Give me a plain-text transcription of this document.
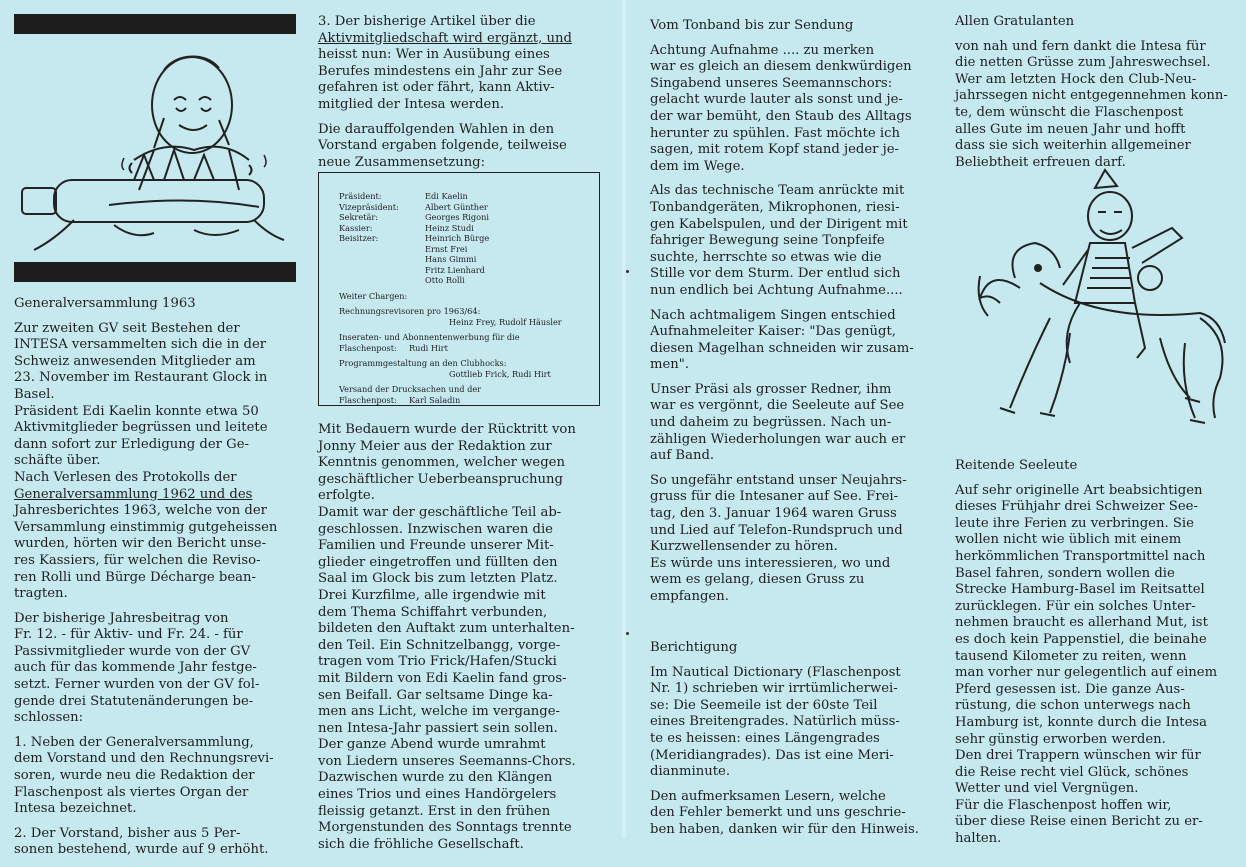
Generalversammlung 1963

Zur zweiten GV seit Bestehen der
INTESA versammelten sich die in der
Schweiz anwesenden Mitglieder am
23. November im Restaurant Glock in
Basel.
Präsident Edi Kaelin konnte etwa 50
Aktivmitglieder begrüssen und leitete
dann sofort zur Erledigung der Ge-
schäfte über.
Nach Verlesen des Protokolls der
Generalversammlung 1962 und des
Jahresberichtes 1963, welche von der
Versammlung einstimmig gutgeheissen
wurden, hörten wir den Bericht unse-
res Kassiers, für welchen die Reviso-
ren Rolli und Bürge Décharge bean-
tragten.

Der bisherige Jahresbeitrag von
Fr. 12. - für Aktiv- und Fr. 24. - für
Passivmitglieder wurde von der GV
auch für das kommende Jahr festge-
setzt. Ferner wurden von der GV fol-
gende drei Statutenänderungen be-
schlossen:

1. Neben der Generalversammlung,
dem Vorstand und den Rechnungsrevi-
soren, wurde neu die Redaktion der
Flaschenpost als viertes Organ der
Intesa bezeichnet.

2. Der Vorstand, bisher aus 5 Per-
sonen bestehend, wurde auf 9 erhöht.

3. Der bisherige Artikel über die
Aktivmitgliedschaft wird ergänzt, und
heisst nun: Wer in Ausübung eines
Berufes mindestens ein Jahr zur See
gefahren ist oder fährt, kann Aktiv-
mitglied der Intesa werden.

Die darauffolgenden Wahlen in den
Vorstand ergaben folgende, teilweise
neue Zusammensetzung:

Präsident:	Edi Kaelin
Vizepräsident:	Albert Günther
Sekretär:	Georges Rigoni
Kassier:	Heinz Studi
Beisitzer:	Heinrich Bürge
Ernst Frei
Hans Gimmi
Fritz Lienhard
Otto Rolli
Weiter Chargen:
Rechnungsrevisoren pro 1963/64:
Heinz Frey, Rudolf Häusler
Inseraten- und Abonnentenwerbung für die
Flaschenpost: Rudi Hirt
Programmgestaltung an den Clubhocks:
Gottlieb Frick, Rudi Hirt
Versand der Drucksachen und der
Flaschenpost: Karl Saladin

Mit Bedauern wurde der Rücktritt von
Jonny Meier aus der Redaktion zur
Kenntnis genommen, welcher wegen
geschäftlicher Ueberbeanspruchung
erfolgte.
Damit war der geschäftliche Teil ab-
geschlossen. Inzwischen waren die
Familien und Freunde unserer Mit-
glieder eingetroffen und füllten den
Saal im Glock bis zum letzten Platz.
Drei Kurzfilme, alle irgendwie mit
dem Thema Schiffahrt verbunden,
bildeten den Auftakt zum unterhalten-
den Teil. Ein Schnitzelbangg, vorge-
tragen vom Trio Frick/Hafen/Stucki
mit Bildern von Edi Kaelin fand gros-
sen Beifall. Gar seltsame Dinge ka-
men ans Licht, welche im vergange-
nen Intesa-Jahr passiert sein sollen.
Der ganze Abend wurde umrahmt
von Liedern unseres Seemanns-Chors.
Dazwischen wurde zu den Klängen
eines Trios und eines Handörgelers
fleissig getanzt. Erst in den frühen
Morgenstunden des Sonntags trennte
sich die fröhliche Gesellschaft.

Vom Tonband bis zur Sendung

Achtung Aufnahme .... zu merken
war es gleich an diesem denkwürdigen
Singabend unseres Seemannschors:
gelacht wurde lauter als sonst und je-
der war bemüht, den Staub des Alltags
herunter zu spühlen. Fast möchte ich
sagen, mit rotem Kopf stand jeder je-
dem im Wege.

Als das technische Team anrückte mit
Tonbandgeräten, Mikrophonen, riesi-
gen Kabelspulen, und der Dirigent mit
fahriger Bewegung seine Tonpfeife
suchte, herrschte so etwas wie die
Stille vor dem Sturm. Der entlud sich
nun endlich bei Achtung Aufnahme....

Nach achtmaligem Singen entschied
Aufnahmeleiter Kaiser: "Das genügt,
diesen Magelhan schneiden wir zusam-
men".

Unser Präsi als grosser Redner, ihm
war es vergönnt, die Seeleute auf See
und daheim zu begrüssen. Nach un-
zähligen Wiederholungen war auch er
auf Band.

So ungefähr entstand unser Neujahrs-
gruss für die Intesaner auf See. Frei-
tag, den 3. Januar 1964 waren Gruss
und Lied auf Telefon-Rundspruch und
Kurzwellensender zu hören.
Es würde uns interessieren, wo und
wem es gelang, diesen Gruss zu
empfangen.

Berichtigung

Im Nautical Dictionary (Flaschenpost
Nr. 1) schrieben wir irrtümlicherwei-
se: Die Seemeile ist der 60ste Teil
eines Breitengrades. Natürlich müss-
te es heissen: eines Längengrades
(Meridiangrades). Das ist eine Meri-
dianminute.

Den aufmerksamen Lesern, welche
den Fehler bemerkt und uns geschrie-
ben haben, danken wir für den Hinweis.

Allen Gratulanten

von nah und fern dankt die Intesa für
die netten Grüsse zum Jahreswechsel.
Wer am letzten Hock den Club-Neu-
jahrssegen nicht entgegennehmen konn-
te, dem wünscht die Flaschenpost
alles Gute im neuen Jahr und hofft
dass sie sich weiterhin allgemeiner
Beliebtheit erfreuen darf.

Reitende Seeleute

Auf sehr originelle Art beabsichtigen
dieses Frühjahr drei Schweizer See-
leute ihre Ferien zu verbringen. Sie
wollen nicht wie üblich mit einem
herkömmlichen Transportmittel nach
Basel fahren, sondern wollen die
Strecke Hamburg-Basel im Reitsattel
zurücklegen. Für ein solches Unter-
nehmen braucht es allerhand Mut, ist
es doch kein Pappenstiel, die beinahe
tausend Kilometer zu reiten, wenn
man vorher nur gelegentlich auf einem
Pferd gesessen ist. Die ganze Aus-
rüstung, die schon unterwegs nach
Hamburg ist, konnte durch die Intesa
sehr günstig erworben werden.
Den drei Trappern wünschen wir für
die Reise recht viel Glück, schönes
Wetter und viel Vergnügen.
Für die Flaschenpost hoffen wir,
über diese Reise einen Bericht zu er-
halten.
